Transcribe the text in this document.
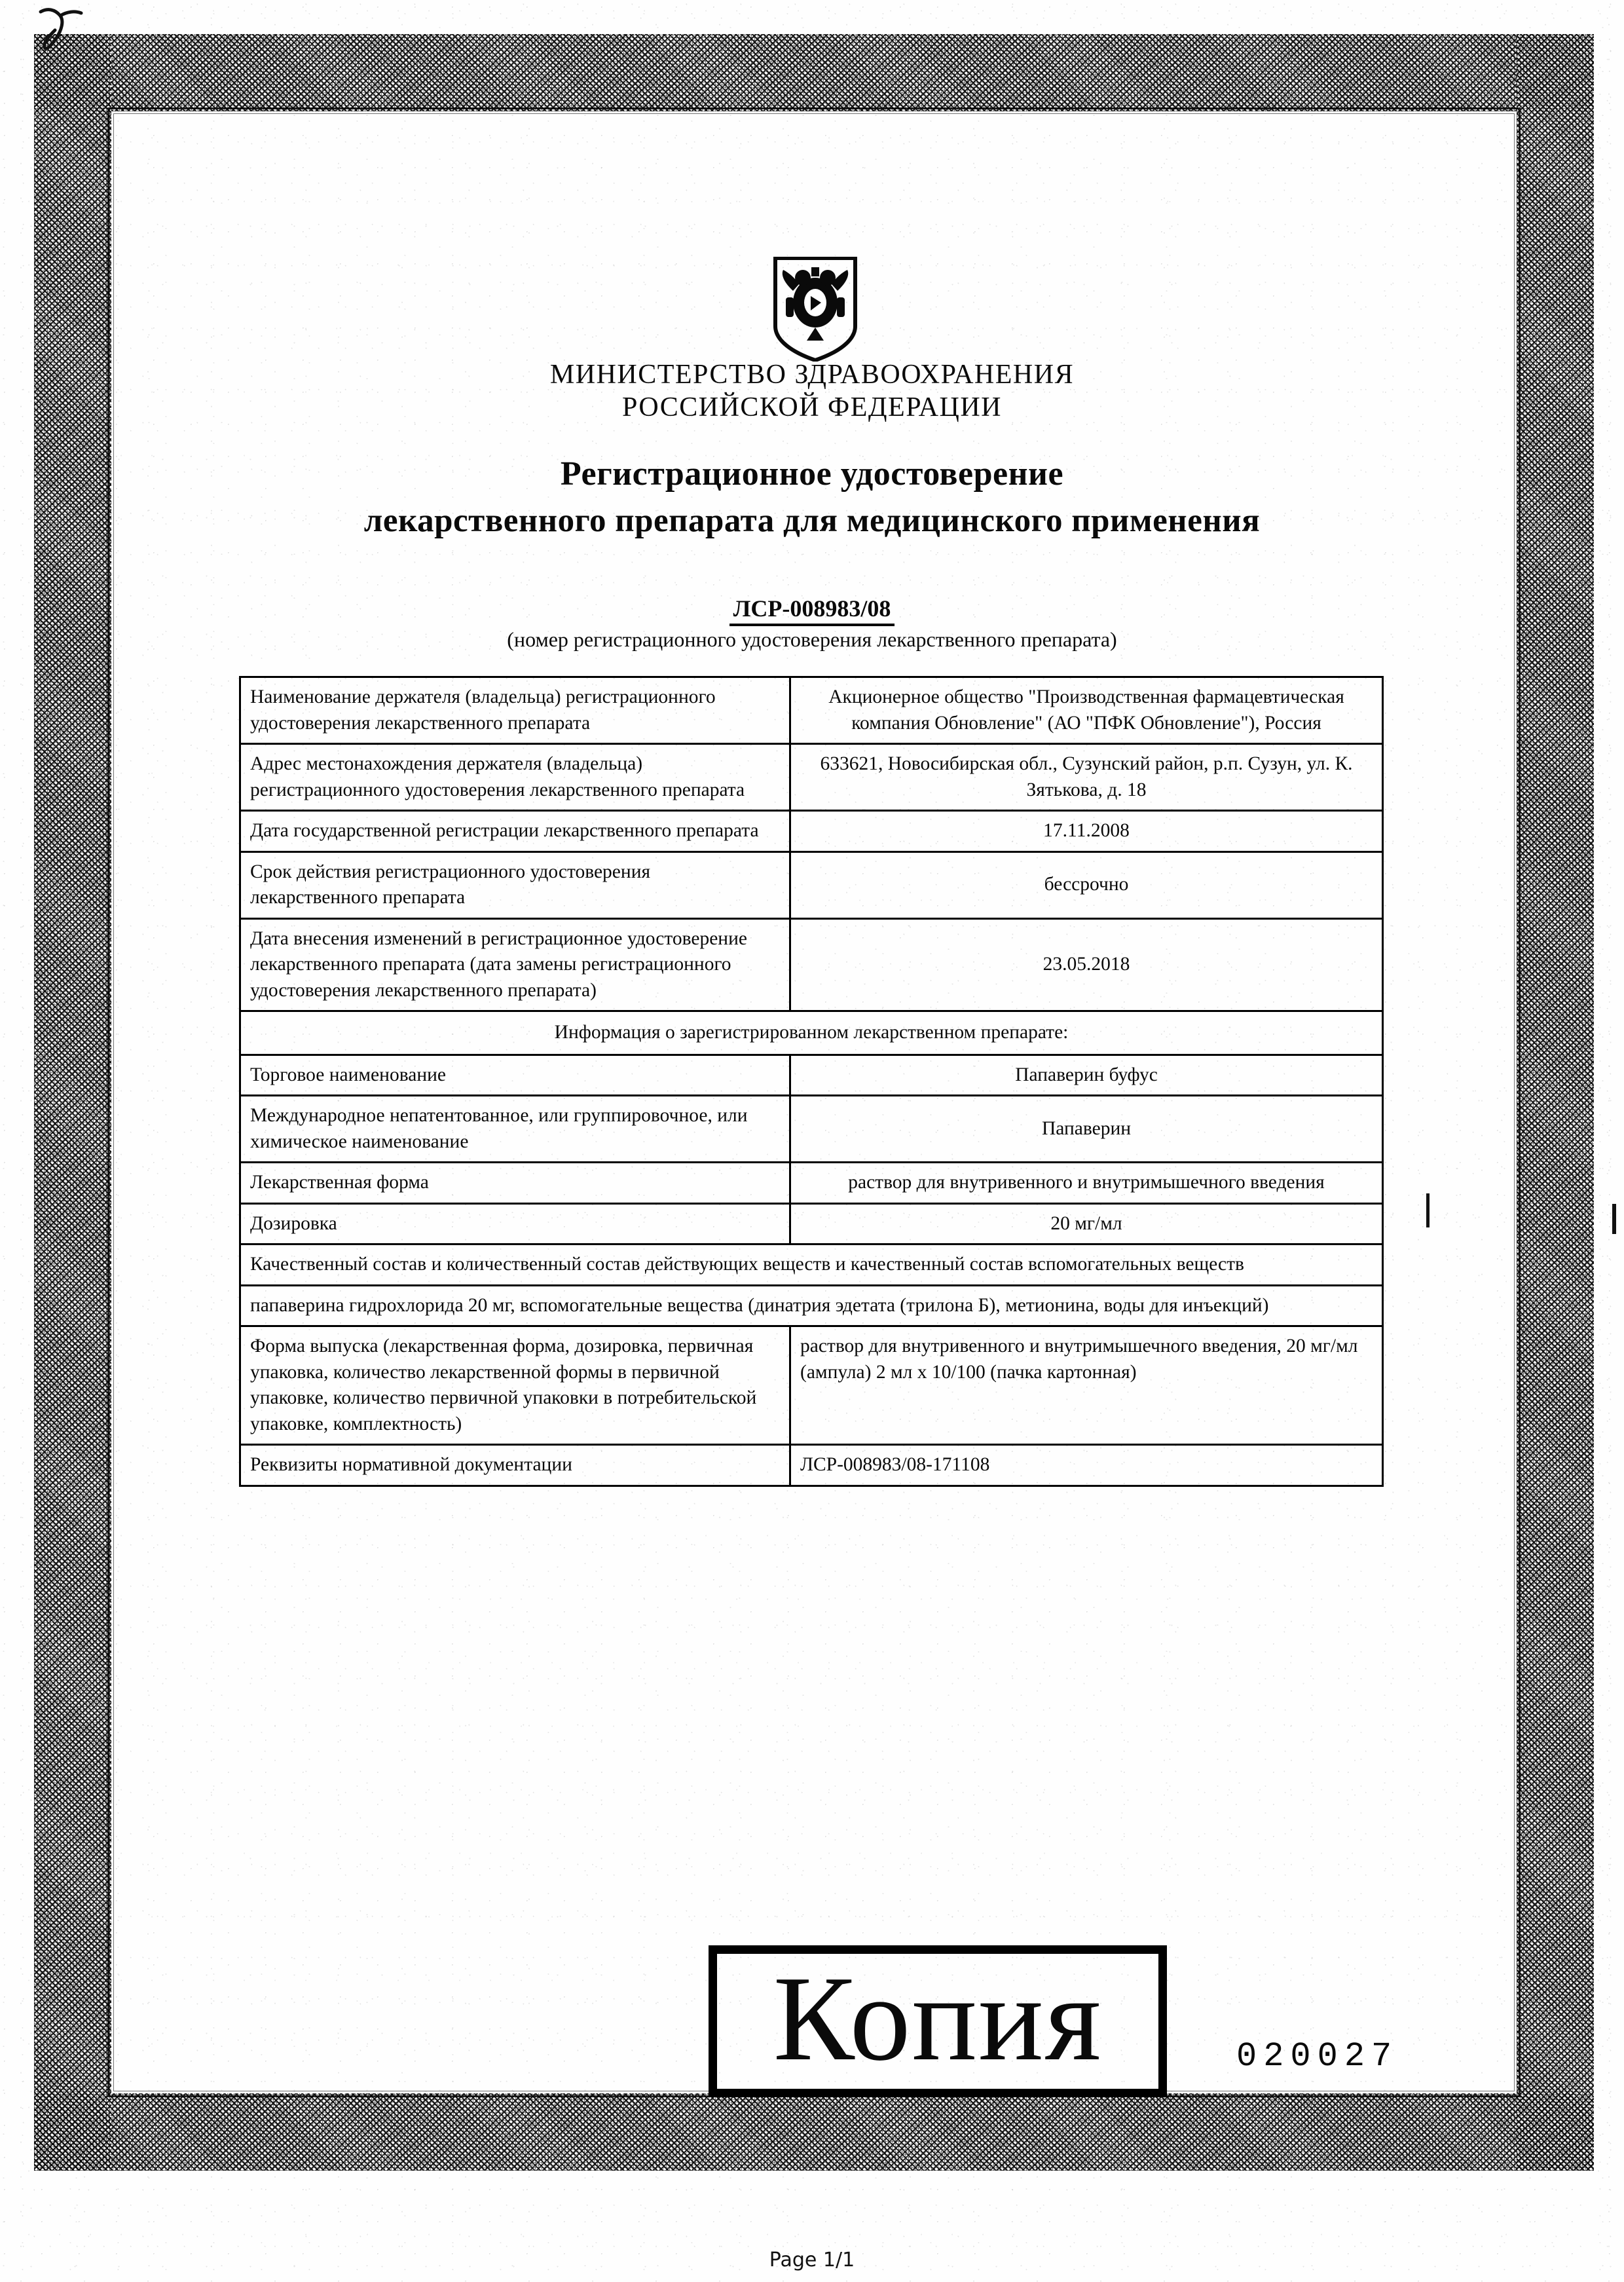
МИНИСТЕРСТВО ЗДРАВООХРАНЕНИЯ
РОССИЙСКОЙ ФЕДЕРАЦИИ
Регистрационное удостоверение
лекарственного препарата для медицинского применения
ЛСР-008983/08
(номер регистрационного удостоверения лекарственного препарата)
Наименование держателя (владельца) регистрационного удостоверения лекарственного препарата	Акционерное общество "Производственная фармацевтическая компания Обновление" (АО "ПФК Обновление"), Россия
Адрес местонахождения держателя (владельца) регистрационного удостоверения лекарственного препарата	633621, Новосибирская обл., Сузунский район, р.п. Сузун, ул. К. Зятькова, д. 18
Дата государственной регистрации лекарственного препарата	17.11.2008
Срок действия регистрационного удостоверения лекарственного препарата	бессрочно
Дата внесения изменений в регистрационное удостоверение лекарственного препарата (дата замены регистрационного удостоверения лекарственного препарата)	23.05.2018
Информация о зарегистрированном лекарственном препарате:	
Торговое наименование	Папаверин буфус
Международное непатентованное, или группировочное, или химическое наименование	Папаверин
Лекарственная форма	раствор для внутривенного и внутримышечного введения
Дозировка	20 мг/мл
Качественный состав и количественный состав действующих веществ и качественный состав вспомогательных веществ	
папаверина гидрохлорида 20 мг, вспомогательные вещества (динатрия эдетата (трилона Б), метионина, воды для инъекций)	
Форма выпуска (лекарственная форма, дозировка, первичная упаковка, количество лекарственной формы в первичной упаковке, количество первичной упаковки в потребительской упаковке, комплектность)	раствор для внутривенного и внутримышечного введения, 20 мг/мл (ампула) 2 мл х 10/100 (пачка картонная)
Реквизиты нормативной документации	ЛСР-008983/08-171108
Копия	020027
Page 1/1
